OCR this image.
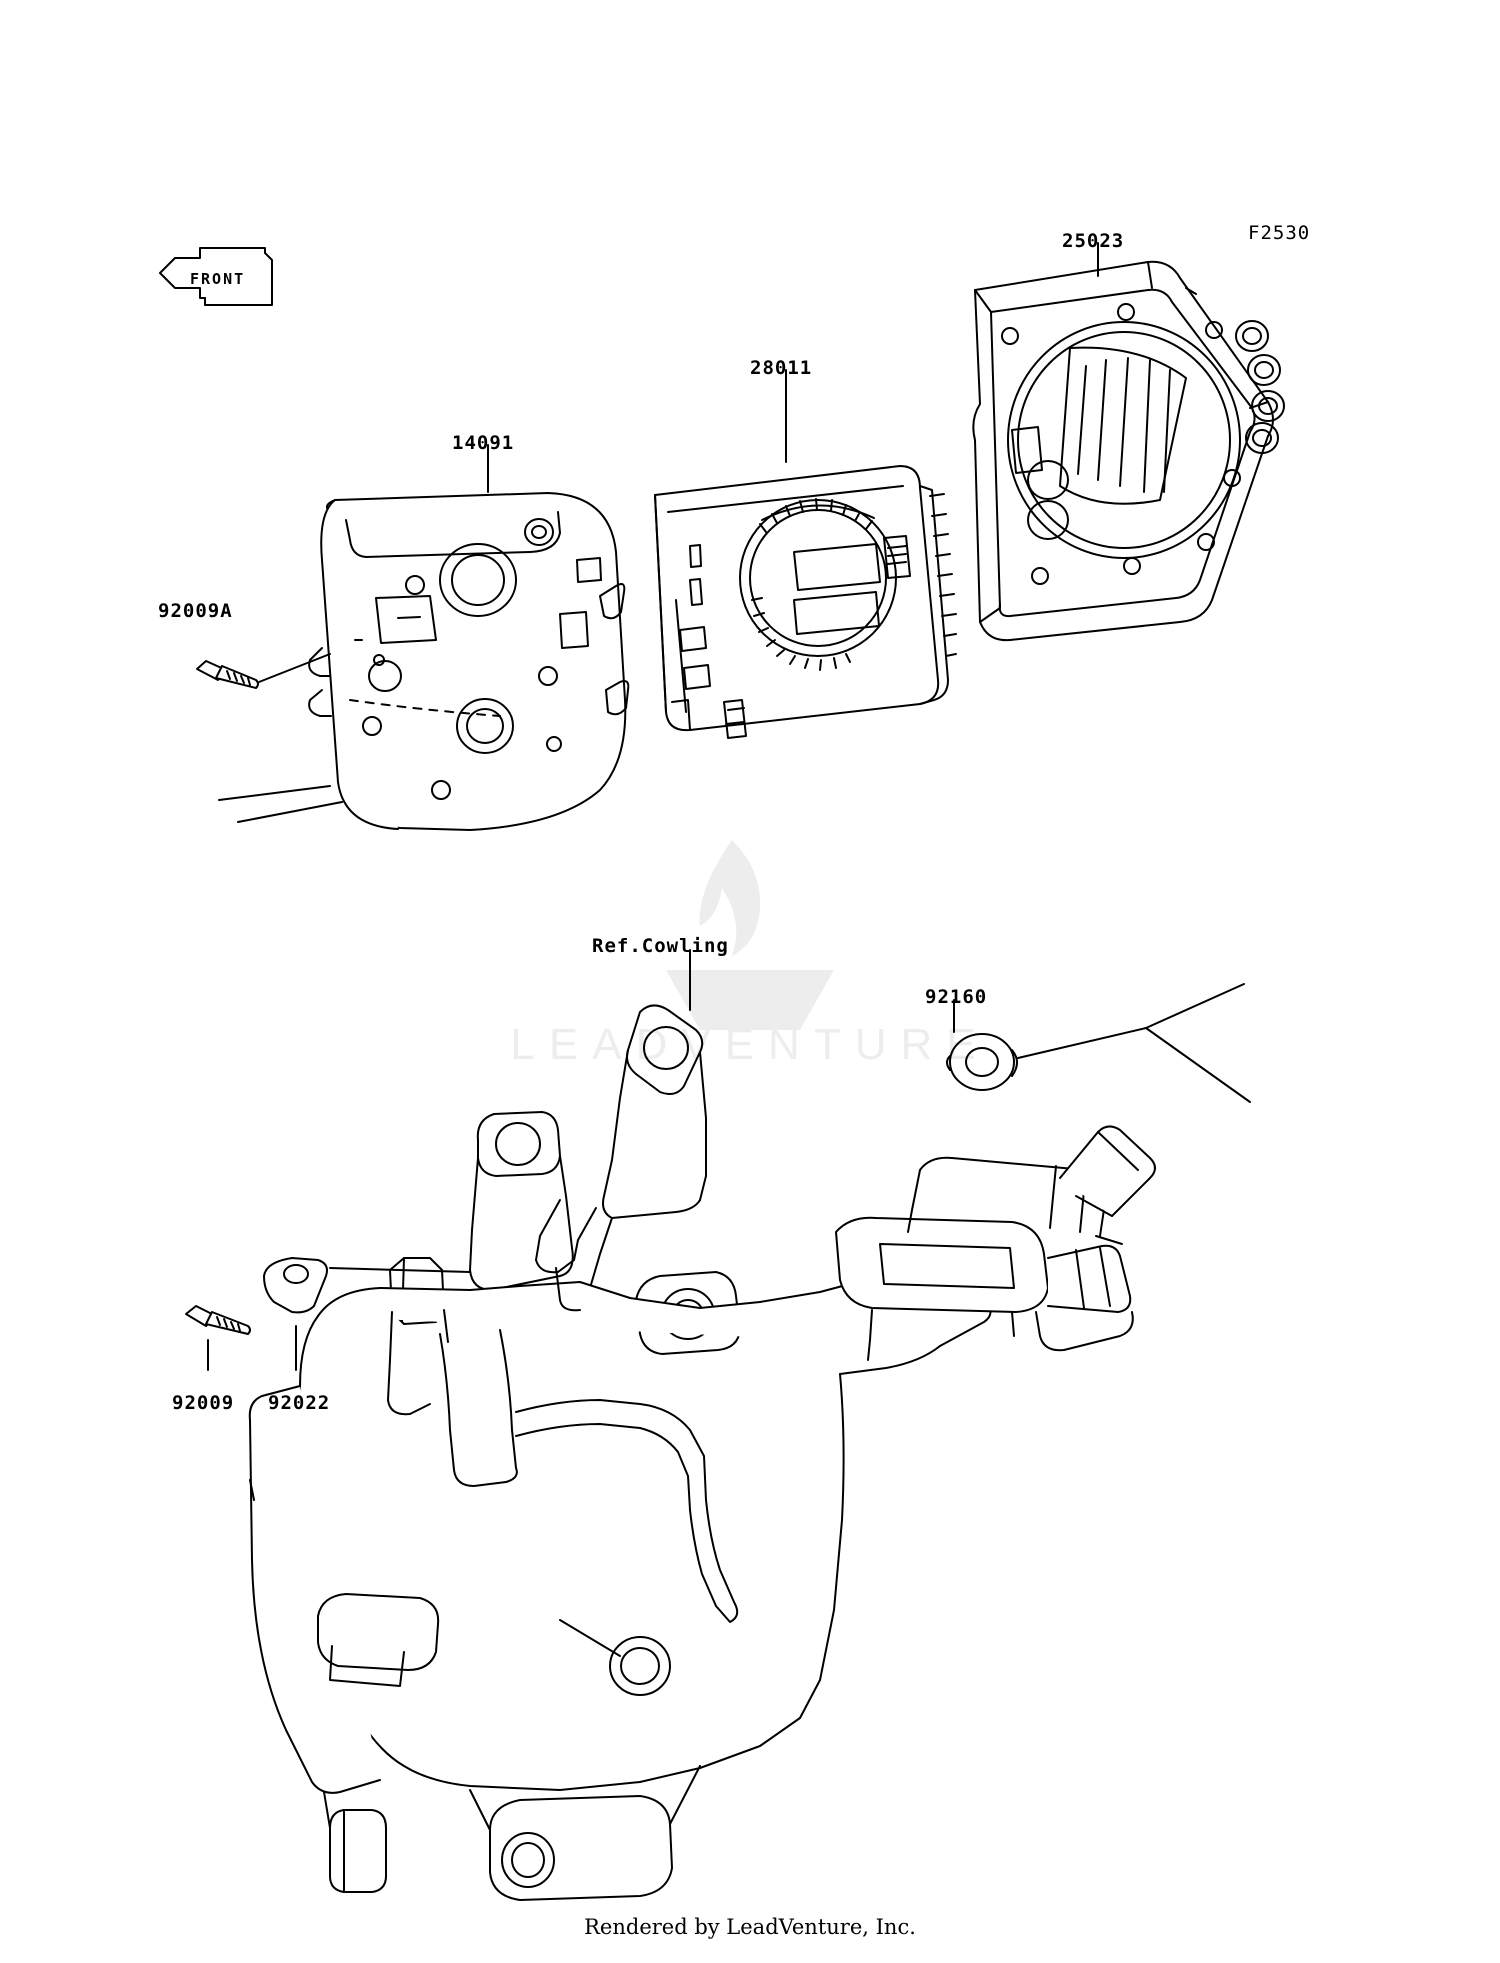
FRONT
LEADVENTURE
25023
28011
14091
92009A
Ref.Cowling
92160
92022
92009
F2530
Rendered by LeadVenture, Inc.
